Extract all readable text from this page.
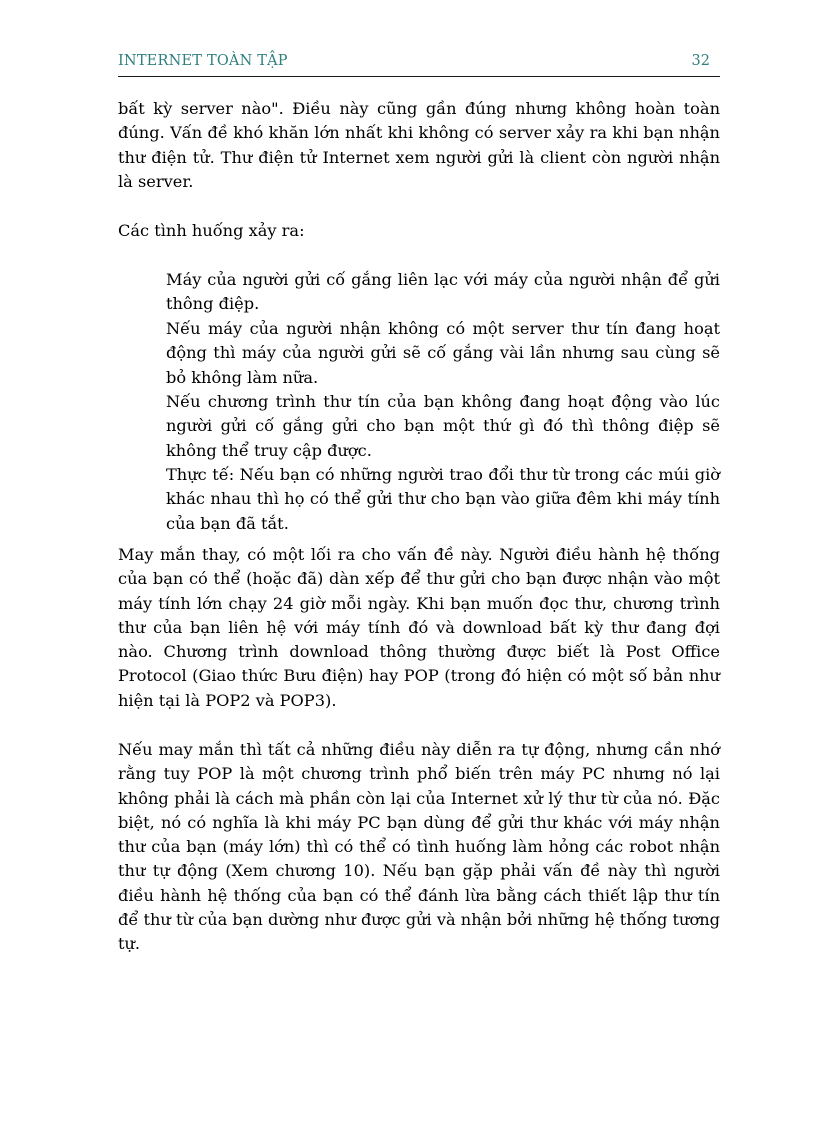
INTERNET TOÀN TẬP	32

bất kỳ server nào". Điều này cũng gần đúng nhưng không hoàn toàn đúng. Vấn đề khó khăn lớn nhất khi không có server xảy ra khi bạn nhận thư điện tử. Thư điện tử Internet xem người gửi là client còn người nhận là server.

Các tình huống xảy ra:

Máy của người gửi cố gắng liên lạc với máy của người nhận để gửi thông điệp.

Nếu máy của người nhận không có một server thư tín đang hoạt động thì máy của người gửi sẽ cố gắng vài lần nhưng sau cùng sẽ bỏ không làm nữa.

Nếu chương trình thư tín của bạn không đang hoạt động vào lúc người gửi cố gắng gửi cho bạn một thứ gì đó thì thông điệp sẽ không thể truy cập được.

Thực tế: Nếu bạn có những người trao đổi thư từ trong các múi giờ khác nhau thì họ có thể gửi thư cho bạn vào giữa đêm khi máy tính của bạn đã tắt.

May mắn thay, có một lối ra cho vấn đề này. Người điều hành hệ thống của bạn có thể (hoặc đã) dàn xếp để thư gửi cho bạn được nhận vào một máy tính lớn chạy 24 giờ mỗi ngày. Khi bạn muốn đọc thư, chương trình thư của bạn liên hệ với máy tính đó và download bất kỳ thư đang đợi nào. Chương trình download thông thường được biết là Post Office Protocol (Giao thức Bưu điện) hay POP (trong đó hiện có một số bản như hiện tại là POP2 và POP3).

Nếu may mắn thì tất cả những điều này diễn ra tự động, nhưng cần nhớ rằng tuy POP là một chương trình phổ biến trên máy PC nhưng nó lại không phải là cách mà phần còn lại của Internet xử lý thư từ của nó. Đặc biệt, nó có nghĩa là khi máy PC bạn dùng để gửi thư khác với máy nhận thư của bạn (máy lớn) thì có thể có tình huống làm hỏng các robot nhận thư tự động (Xem chương 10). Nếu bạn gặp phải vấn đề này thì người điều hành hệ thống của bạn có thể đánh lừa bằng cách thiết lập thư tín để thư từ của bạn dường như được gửi và nhận bởi những hệ thống tương tự.
